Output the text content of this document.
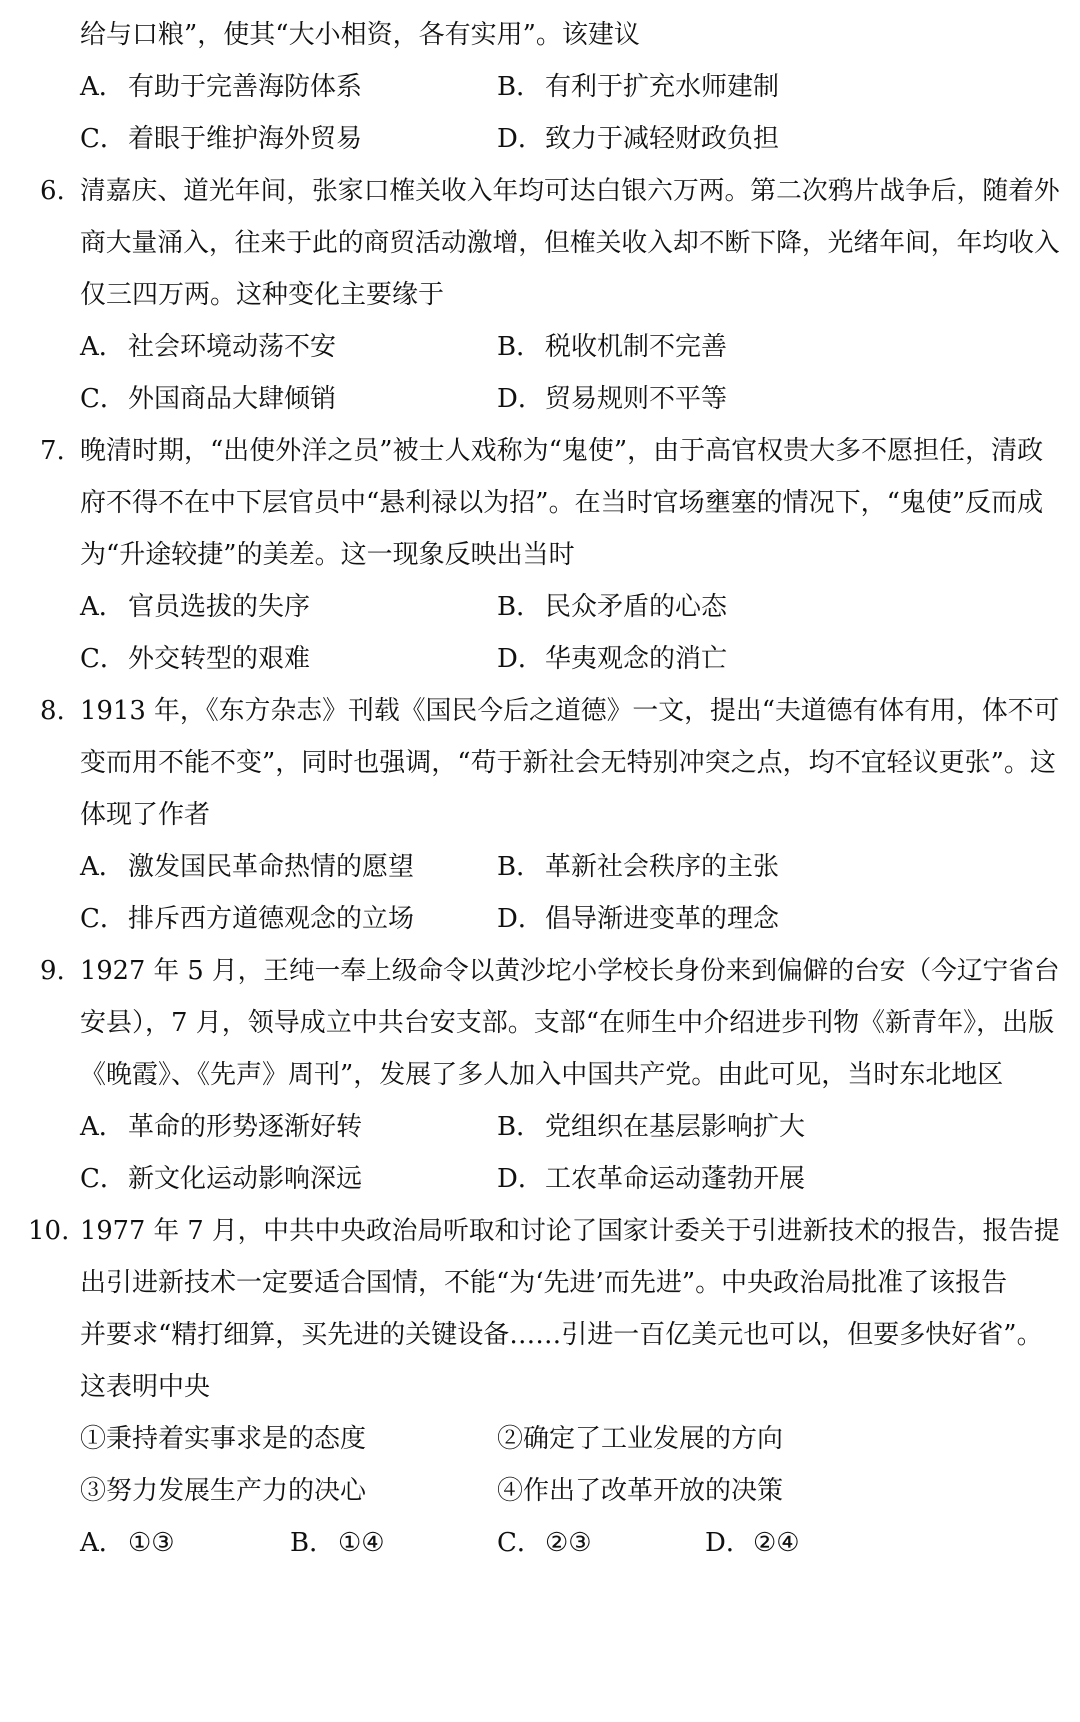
给与口粮”，使其“大小相资，各有实用”。该建议
A． 有助于完善海防体系	B． 有利于扩充水师建制
C．着眼于维护海外贸易	D．致力于减轻财政负担
6. 清嘉庆、道光年间，张家口榷关收入年均可达白银六万两。第二次鸦片战争后，随着外
商大量涌入，往来于此的商贸活动激增，但榷关收入却不断下降，光绪年间，年均收入
仅三四万两。这种变化主要缘于
A． 社会环境动荡不安	B． 税收机制不完善
C．外国商品大肆倾销	D．贸易规则不平等
7. 晚清时期，“出使外洋之员”被士人戏称为“鬼使”，由于高官权贵大多不愿担任，清政
府不得不在中下层官员中“悬利禄以为招”。在当时官场壅塞的情况下，“鬼使”反而成
为“升途较捷”的美差。这一现象反映出当时
A． 官员选拔的失序	B． 民众矛盾的心态
C．外交转型的艰难	D．华夷观念的消亡
8. 1913 年，《东方杂志》刊载《国民今后之道德》一文，提出“夫道德有体有用，体不可
变而用不能不变”，同时也强调，“苟于新社会无特别冲突之点，均不宜轻议更张”。这
体现了作者
A． 激发国民革命热情的愿望	B． 革新社会秩序的主张
C．排斥西方道德观念的立场	D．倡导渐进变革的理念
9. 1927 年 5 月，王纯一奉上级命令以黄沙坨小学校长身份来到偏僻的台安（今辽宁省台
安县），7 月，领导成立中共台安支部。支部“在师生中介绍进步刊物《新青年》，出版
《晚霞》、《先声》周刊”，发展了多人加入中国共产党。由此可见，当时东北地区
A． 革命的形势逐渐好转	B． 党组织在基层影响扩大
C．新文化运动影响深远	D．工农革命运动蓬勃开展
10. 1977 年 7 月，中共中央政治局听取和讨论了国家计委关于引进新技术的报告，报告提
出引进新技术一定要适合国情，不能“为‘先进’而先进”。中央政治局批准了该报告
并要求“精打细算，买先进的关键设备……引进一百亿美元也可以，但要多快好省”。
这表明中央
①秉持着实事求是的态度	②确定了工业发展的方向
③努力发展生产力的决心	④作出了改革开放的决策
A． ①③	B． ①④	C．②③	D．②④
